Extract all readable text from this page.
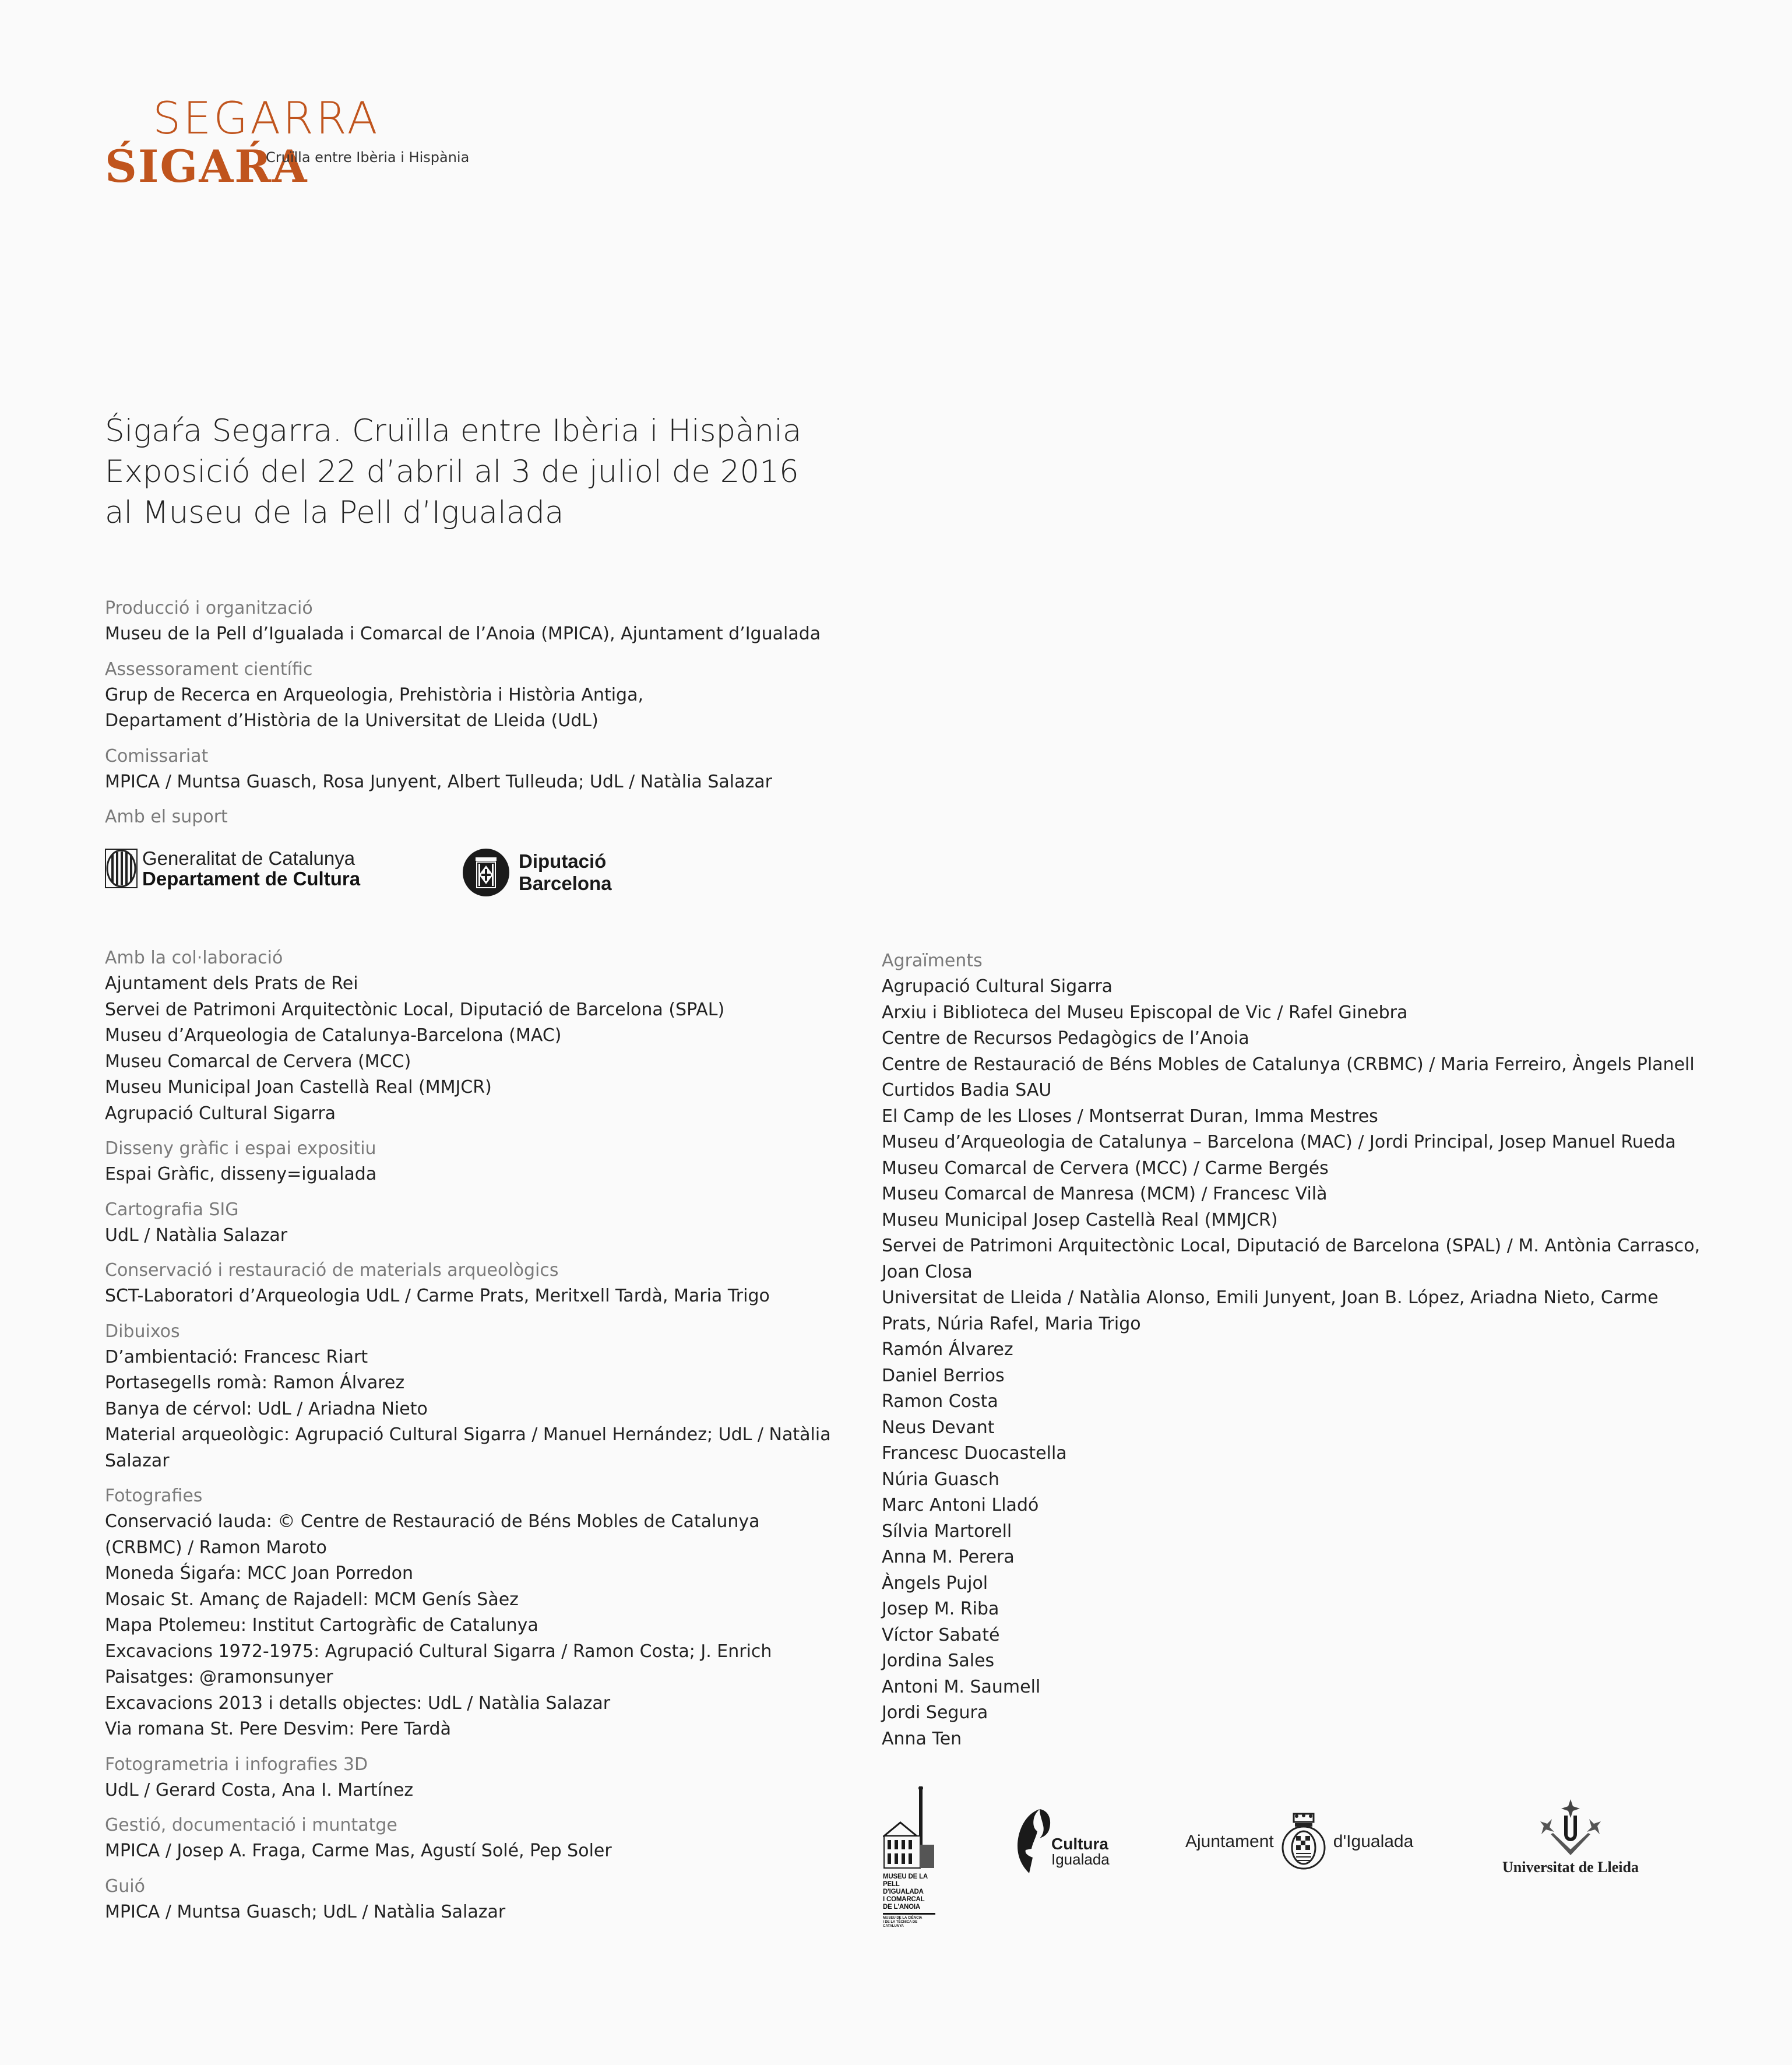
SEGARRA
ŚIGAŔA
Cruïlla entre Ibèria i Hispània
Śigaŕa Segarra. Cruïlla entre Ibèria i Hispània
Exposició del 22 d’abril al 3 de juliol de 2016
al Museu de la Pell d’Igualada
Producció i organització
Museu de la Pell d’Igualada i Comarcal de l’Anoia (MPICA), Ajuntament d’Igualada
Assessorament científic
Grup de Recerca en Arqueologia, Prehistòria i Història Antiga,
Departament d’Història de la Universitat de Lleida (UdL)
Comissariat
MPICA / Muntsa Guasch, Rosa Junyent, Albert Tulleuda; UdL / Natàlia Salazar
Amb el suport
Generalitat de Catalunya
Departament de Cultura
Diputació
Barcelona
Amb la col·laboració
Ajuntament dels Prats de Rei
Servei de Patrimoni Arquitectònic Local, Diputació de Barcelona (SPAL)
Museu d’Arqueologia de Catalunya-Barcelona (MAC)
Museu Comarcal de Cervera (MCC)
Museu Municipal Joan Castellà Real (MMJCR)
Agrupació Cultural Sigarra
Disseny gràfic i espai expositiu
Espai Gràfic, disseny=igualada
Cartografia SIG
UdL / Natàlia Salazar
Conservació i restauració de materials arqueològics
SCT-Laboratori d’Arqueologia UdL / Carme Prats, Meritxell Tardà, Maria Trigo
Dibuixos
D’ambientació: Francesc Riart
Portasegells romà: Ramon Álvarez
Banya de cérvol: UdL / Ariadna Nieto
Material arqueològic: Agrupació Cultural Sigarra / Manuel Hernández; UdL / Natàlia Salazar
Fotografies
Conservació lauda: © Centre de Restauració de Béns Mobles de Catalunya (CRBMC) / Ramon Maroto
Moneda Śigaŕa: MCC Joan Porredon
Mosaic St. Amanç de Rajadell: MCM Genís Sàez
Mapa Ptolemeu: Institut Cartogràfic de Catalunya
Excavacions 1972-1975: Agrupació Cultural Sigarra / Ramon Costa; J. Enrich
Paisatges: @ramonsunyer
Excavacions 2013 i detalls objectes: UdL / Natàlia Salazar
Via romana St. Pere Desvim: Pere Tardà
Fotogrametria i infografies 3D
UdL / Gerard Costa, Ana I. Martínez
Gestió, documentació i muntatge
MPICA / Josep A. Fraga, Carme Mas, Agustí Solé, Pep Soler
Guió
MPICA / Muntsa Guasch; UdL / Natàlia Salazar
Agraïments
Agrupació Cultural Sigarra
Arxiu i Biblioteca del Museu Episcopal de Vic / Rafel Ginebra
Centre de Recursos Pedagògics de l’Anoia
Centre de Restauració de Béns Mobles de Catalunya (CRBMC) / Maria Ferreiro, Àngels Planell
Curtidos Badia SAU
El Camp de les Lloses / Montserrat Duran, Imma Mestres
Museu d’Arqueologia de Catalunya – Barcelona (MAC) / Jordi Principal, Josep Manuel Rueda
Museu Comarcal de Cervera (MCC) / Carme Bergés
Museu Comarcal de Manresa (MCM) / Francesc Vilà
Museu Municipal Josep Castellà Real (MMJCR)
Servei de Patrimoni Arquitectònic Local, Diputació de Barcelona (SPAL) / M. Antònia Carrasco, Joan Closa
Universitat de Lleida / Natàlia Alonso, Emili Junyent, Joan B. López, Ariadna Nieto, Carme Prats, Núria Rafel, Maria Trigo
Ramón Álvarez
Daniel Berrios
Ramon Costa
Neus Devant
Francesc Duocastella
Núria Guasch
Marc Antoni Lladó
Sílvia Martorell
Anna M. Perera
Àngels Pujol
Josep M. Riba
Víctor Sabaté
Jordina Sales
Antoni M. Saumell
Jordi Segura
Anna Ten
MUSEU DE LA
PELL D'IGUALADA
I COMARCAL
DE L'ANOIA
MUSEU DE LA CIÈNCIA
I DE LA TÈCNICA DE CATALUNYA
Cultura
Igualada
Ajuntament	d'Igualada
Universitat de Lleida
